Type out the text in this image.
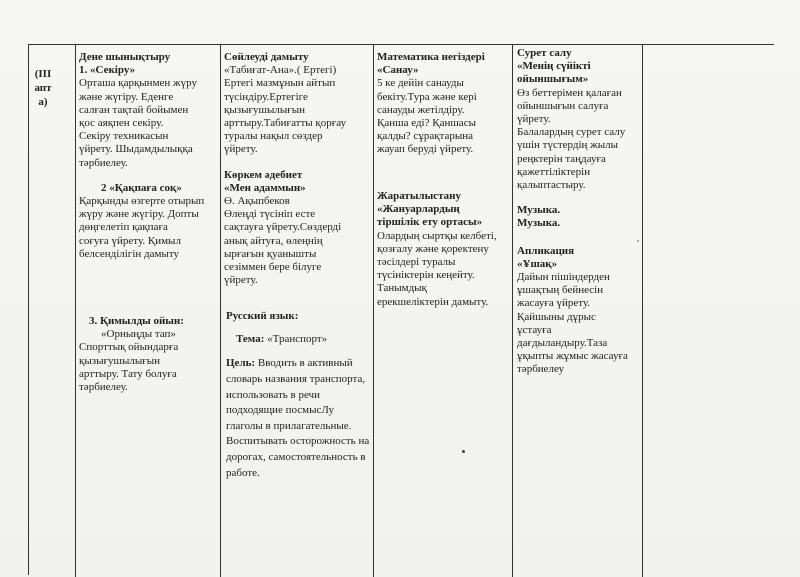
(ІІІ
апт
а)

Дене шынықтыру

1. «Секіру»

Орташа қарқынмен жүру

және жүгіру. Еденге

салған тақтай бойымен

қос аяқпен секіру.

Секіру техникасын

үйрету. Шыдамдылыққа

тәрбиелеу.

2 «Қақпаға соқ»

Қарқынды өзгерте отырып

жүру және жүгіру. Допты

дөңгелетіп қақпаға

соғуға үйрету. Қимыл

белсенділігін дамыту

3. Қимылды ойын:

«Орныңды тап»

Спорттық ойындарға

қызығушылығын

арттыру. Тату болуға

тәрбиелеу.

Сөйлеуді дамыту

«Табиғат-Ана».( Ертегі)

Ертегі мазмұнын айтып

түсіндіру.Ертегіге

қызығушылығын

арттыру.Табиғатты қорғау

туралы нақыл сөздер

үйрету.

Көркем әдебиет

«Мен адаммын»

Ө. Ақыпбеков

Өлеңді түсініп есте

сақтауға үйрету.Сөздерді

анық айтуға, өлеңнің

ырғағын қуанышты

сезіммен бере білуге

үйрету.

Русский язык:

Тема: «Транспорт»

Цель: Вводить в активный

словарь названия транспорта,

использовать в речи

подходящие посмысЛу

глаголы в прилагательные.

Воспитывать осторожность на

дорогах, самостоятельность в

работе.

Математика негіздері

«Санау»

5 ке дейін санауды

бекіту.Тура және кері

санауды жетілдіру.

Қанша еді? Қаншасы

қалды? сұрақтарына

жауап беруді үйрету.

Жаратылыстану

«Жануарлардың

тіршілік ету ортасы»

Олардың сыртқы келбеті,

қозғалу және қоректену

тәсілдері туралы

түсініктерін кеңейту.

Танымдық

ерекшеліктерін дамыту.

Сурет салу

«Менің сүйікті

ойыншығым»

Өз беттерімен қалаған

ойыншығын салуға

үйрету.

Балалардың сурет салу

үшін түстердің жылы

реңктерін таңдауға

қажеттіліктерін

қалыптастыру.

Музыка.

Музыка.

Апликация

«Ұшақ»

Дайын пішіндерден

ұшақтың бейнесін

жасауға үйрету.

Қайшыны дұрыс

ұстауға

дағдыландыру.Таза

ұқыпты жұмыс жасауға

тәрбиелеу
